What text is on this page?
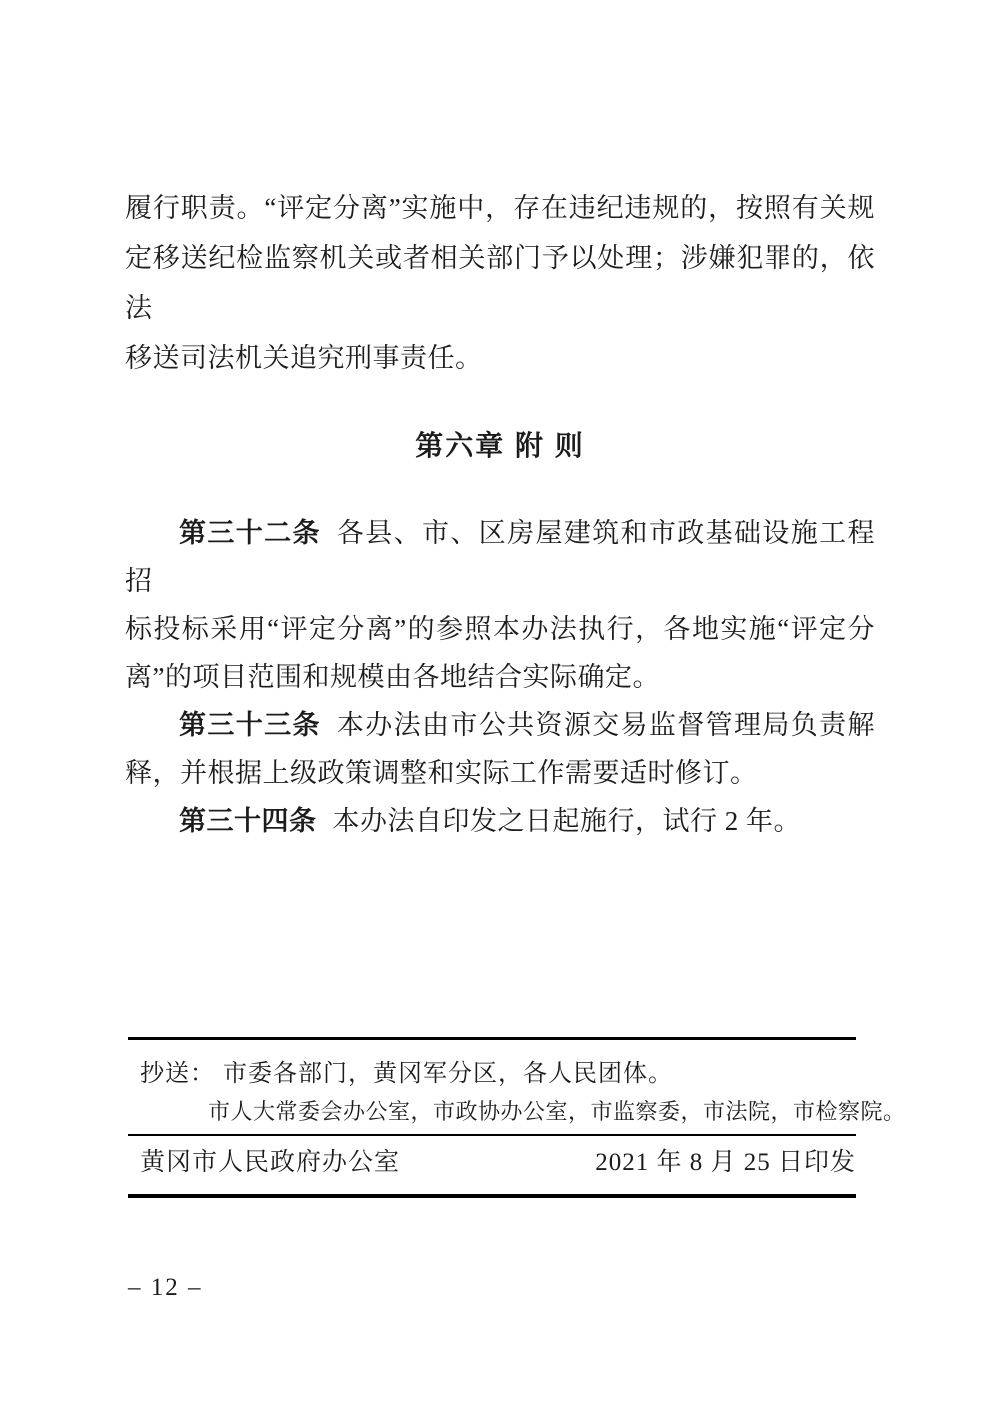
履行职责。“评定分离”实施中，存在违纪违规的，按照有关规
定移送纪检监察机关或者相关部门予以处理；涉嫌犯罪的，依法
移送司法机关追究刑事责任。
第六章 附 则
第三十二条 各县、市、区房屋建筑和市政基础设施工程招
标投标采用“评定分离”的参照本办法执行，各地实施“评定分
离”的项目范围和规模由各地结合实际确定。
第三十三条 本办法由市公共资源交易监督管理局负责解
释，并根据上级政策调整和实际工作需要适时修订。
第三十四条 本办法自印发之日起施行，试行 2 年。
抄送： 市委各部门，黄冈军分区，各人民团体。
市人大常委会办公室，市政协办公室，市监察委，市法院，市检察院。
黄冈市人民政府办公室	2021 年 8 月 25 日印发
– 12 –
